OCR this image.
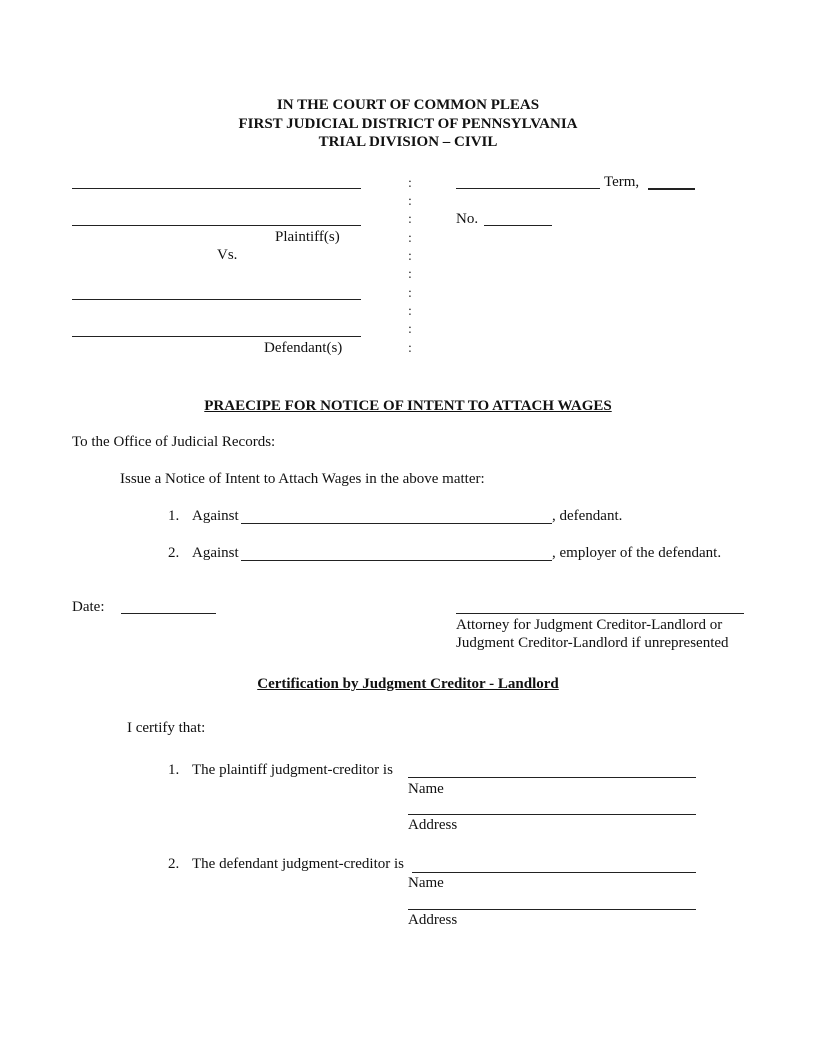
IN THE COURT OF COMMON PLEAS
FIRST JUDICIAL DISTRICT OF PENNSYLVANIA
TRIAL DIVISION – CIVIL
Plaintiff(s)
Vs.
Defendant(s)
:
:
:
:
:
:
:
:
:
:
Term,
No.
PRAECIPE FOR NOTICE OF INTENT TO ATTACH WAGES
To the Office of Judicial Records:
Issue a Notice of Intent to Attach Wages in the above matter:
1. Against	, defendant.
2. Against	, employer of the defendant.
Date:
Attorney for Judgment Creditor-Landlord or
Judgment Creditor-Landlord if unrepresented
Certification by Judgment Creditor - Landlord
I certify that:
1. The plaintiff judgment-creditor is
Name
Address
2. The defendant judgment-creditor is
Name
Address
